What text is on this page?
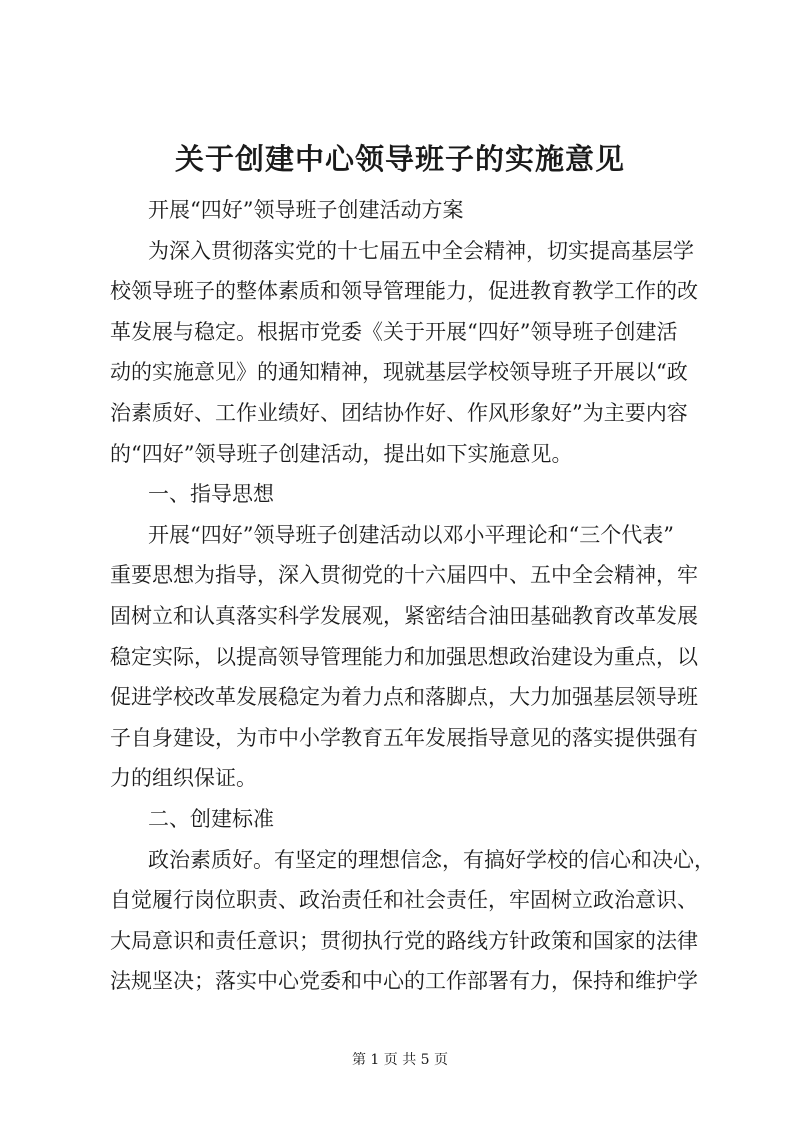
关于创建中心领导班子的实施意见
开展“四好”领导班子创建活动方案
为深入贯彻落实党的十七届五中全会精神，切实提高基层学
校领导班子的整体素质和领导管理能力，促进教育教学工作的改
革发展与稳定。根据市党委《关于开展“四好”领导班子创建活
动的实施意见》的通知精神，现就基层学校领导班子开展以“政
治素质好、工作业绩好、团结协作好、作风形象好”为主要内容
的“四好”领导班子创建活动，提出如下实施意见。
一、指导思想
开展“四好”领导班子创建活动以邓小平理论和“三个代表”
重要思想为指导，深入贯彻党的十六届四中、五中全会精神，牢
固树立和认真落实科学发展观，紧密结合油田基础教育改革发展
稳定实际，以提高领导管理能力和加强思想政治建设为重点，以
促进学校改革发展稳定为着力点和落脚点，大力加强基层领导班
子自身建设，为市中小学教育五年发展指导意见的落实提供强有
力的组织保证。
二、创建标准
政治素质好。有坚定的理想信念，有搞好学校的信心和决心，
自觉履行岗位职责、政治责任和社会责任，牢固树立政治意识、
大局意识和责任意识；贯彻执行党的路线方针政策和国家的法律
法规坚决；落实中心党委和中心的工作部署有力，保持和维护学
第 1 页 共 5 页
